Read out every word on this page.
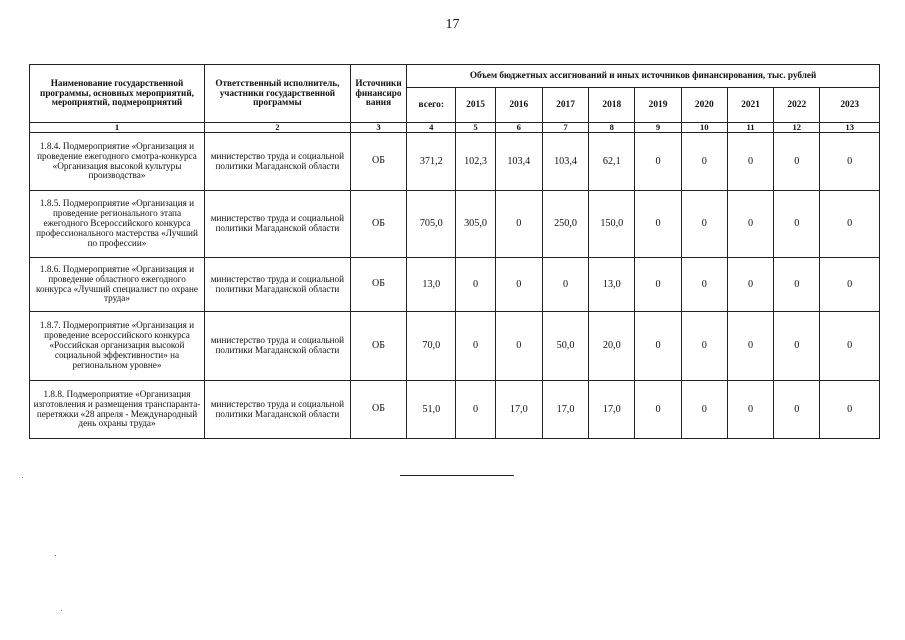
17
Наименование государственной программы, основных мероприятий, мероприятий, подмероприятий	Ответственный исполнитель, участники государственной программы	Источники финансиро вания	Объем бюджетных ассигнований и иных источников финансирования, тыс. рублей									
			всего:	2015	2016	2017	2018	2019	2020	2021	2022	2023
1	2	3	4	5	6	7	8	9	10	11	12	13
1.8.4. Подмероприятие «Организация и проведение ежегодного смотра-конкурса «Организация высокой культуры производства»	министерство труда и социальной политики Магаданской области	ОБ	371,2	102,3	103,4	103,4	62,1	0	0	0	0	0
1.8.5. Подмероприятие «Организация и проведение регионального этапа ежегодного Всероссийского конкурса профессионального мастерства «Лучший по профессии»	министерство труда и социальной политики Магаданской области	ОБ	705,0	305,0	0	250,0	150,0	0	0	0	0	0
1.8.6. Подмероприятие «Организация и проведение областного ежегодного конкурса «Лучший специалист по охране труда»	министерство труда и социальной политики Магаданской области	ОБ	13,0	0	0	0	13,0	0	0	0	0	0
1.8.7. Подмероприятие «Организация и проведение всероссийского конкурса «Российская организация высокой социальной эффективности» на региональном уровне»	министерство труда и социальной политики Магаданской области	ОБ	70,0	0	0	50,0	20,0	0	0	0	0	0
1.8.8. Подмероприятие «Организация изготовления и размещения транспаранта-перетяжки «28 апреля - Международный день охраны труда»	министерство труда и социальной политики Магаданской области	ОБ	51,0	0	17,0	17,0	17,0	0	0	0	0	0
